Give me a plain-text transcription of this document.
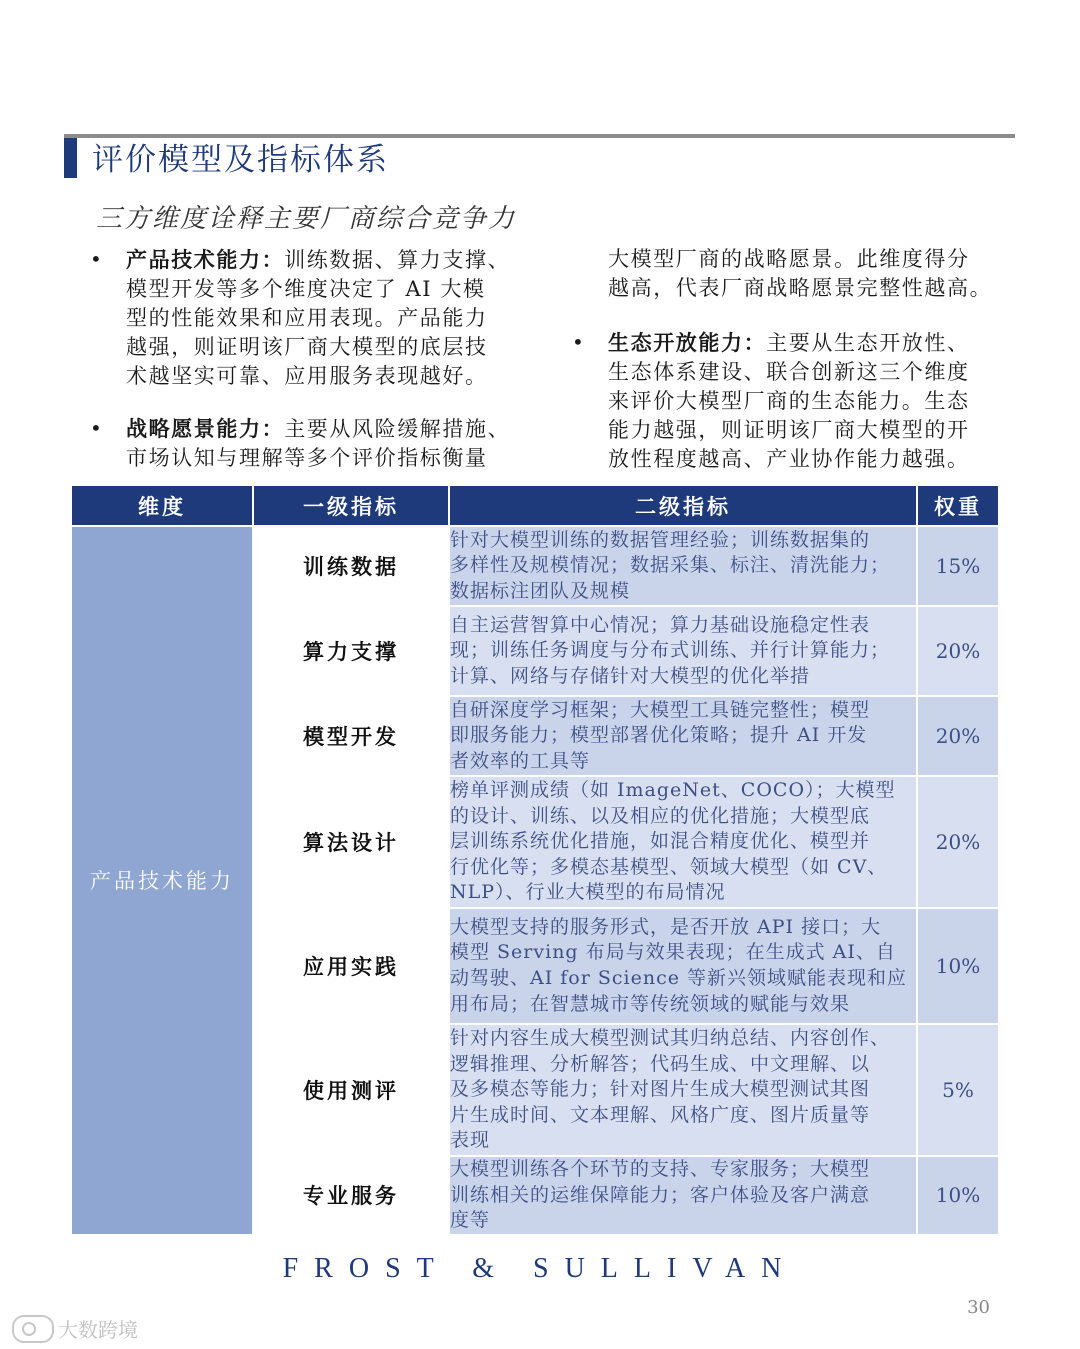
评价模型及指标体系
三方维度诠释主要厂商综合竞争力
• 产品技术能力：训练数据、算力支撑、
模型开发等多个维度决定了 AI 大模
型的性能效果和应用表现。产品能力
越强，则证明该厂商大模型的底层技
术越坚实可靠、应用服务表现越好。
• 战略愿景能力：主要从风险缓解措施、
市场认知与理解等多个评价指标衡量
大模型厂商的战略愿景。此维度得分
越高，代表厂商战略愿景完整性越高。
• 生态开放能力：主要从生态开放性、
生态体系建设、联合创新这三个维度
来评价大模型厂商的生态能力。生态
能力越强，则证明该厂商大模型的开
放性程度越高、产业协作能力越强。
维度	一级指标	二级指标	权重
产品技术能力	训练数据	针对大模型训练的数据管理经验；训练数据集的
多样性及规模情况；数据采集、标注、清洗能力；
数据标注团队及规模	15%
	算力支撑	自主运营智算中心情况；算力基础设施稳定性表
现；训练任务调度与分布式训练、并行计算能力；
计算、网络与存储针对大模型的优化举措	20%
	模型开发	自研深度学习框架；大模型工具链完整性；模型
即服务能力；模型部署优化策略；提升 AI 开发
者效率的工具等	20%
	算法设计	榜单评测成绩（如 ImageNet、COCO）；大模型
的设计、训练、以及相应的优化措施；大模型底
层训练系统优化措施，如混合精度优化、模型并
行优化等；多模态基模型、领域大模型（如 CV、
NLP）、行业大模型的布局情况	20%
	应用实践	大模型支持的服务形式，是否开放 API 接口；大
模型 Serving 布局与效果表现；在生成式 AI、自
动驾驶、AI for Science 等新兴领域赋能表现和应
用布局；在智慧城市等传统领域的赋能与效果	10%
	使用测评	针对内容生成大模型测试其归纳总结、内容创作、
逻辑推理、分析解答；代码生成、中文理解、以
及多模态等能力；针对图片生成大模型测试其图
片生成时间、文本理解、风格广度、图片质量等
表现	5%
	专业服务	大模型训练各个环节的支持、专家服务；大模型
训练相关的运维保障能力；客户体验及客户满意
度等	10%
FROST & SULLIVAN
30
大数跨境
